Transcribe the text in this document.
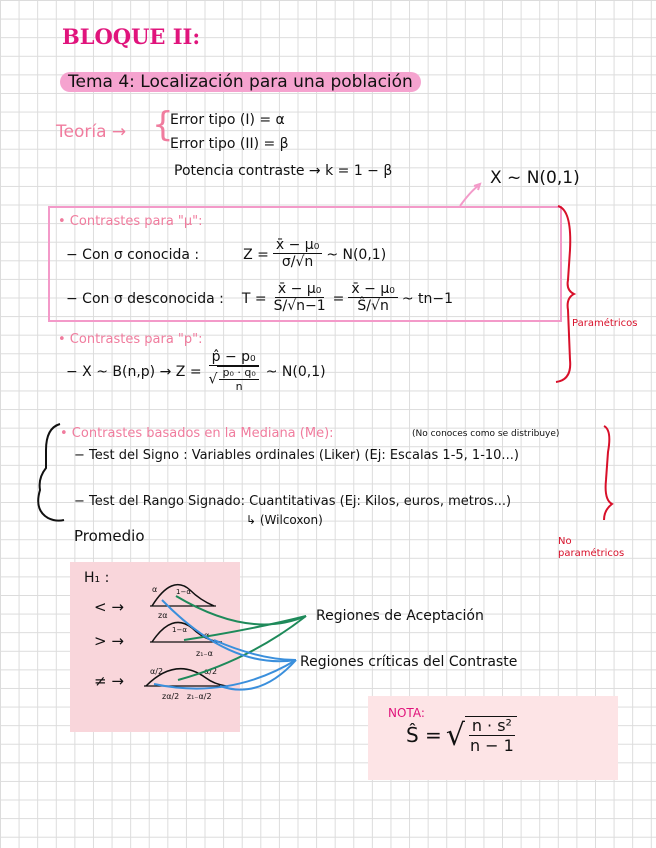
BLOQUE II:
Tema 4: Localización para una población
Teoría → {
Error tipo (I) = α
Error tipo (II) = β
Potencia contraste → k = 1 − β	X ~ N(0,1)
• Contrastes para "μ":
− Con σ conocida :	$Z = \frac{\text{x̄ − μ₀}}{\sigma/√n}$ ~ N(0,1)
− Con σ desconocida : $T = \frac{\text{x̄ − μ₀}}{S/√n-1} = \frac{\text{x̄ − μ₀}}{Ŝ/√n}$ ~ tn−1
• Contrastes para "p":
− X ~ $B(n,p) \to Z = \frac{\text{p̂ − p₀}}{√ \frac{\text{p₀ · q₀}}{n}}$ ~ N(0,1)
Paramétricos
• Contrastes basados en la Mediana (Me):	(No conoces como se distribuye)
− Test del Signo : Variables ordinales (Liker) (Ej: Escalas 1-5, 1-10...)
− Test del Rango Signado: Cuantitativas (Ej: Kilos, euros, metros...)
↳ (Wilcoxon)
Promedio	No paramétricos
H₁ :
< →
> →
≠ →
α	1−α
zα
1−α
α
z₁₋α
α/2	α/2
zα/2   z₁₋α/2
Regiones de Aceptación
Regiones críticas del Contraste
NOTA:
Ŝ = √ $\frac{\text{n · s²}}{n - 1}$
